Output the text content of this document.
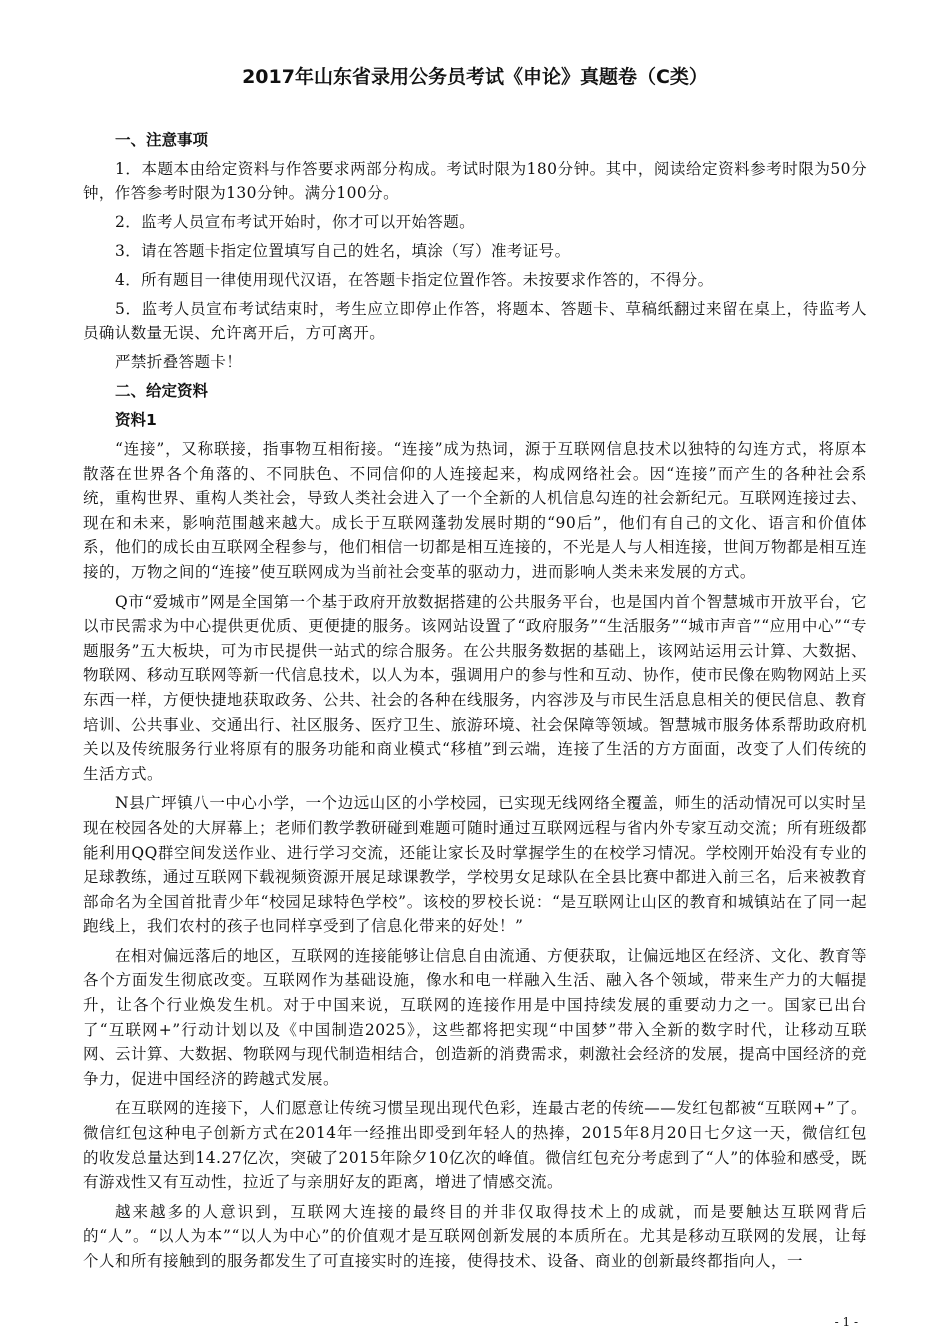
2017年山东省录用公务员考试《申论》真题卷（C类）
一、注意事项

1．本题本由给定资料与作答要求两部分构成。考试时限为180分钟。其中，阅读给定资料参考时限为50分钟，作答参考时限为130分钟。满分100分。

2．监考人员宣布考试开始时，你才可以开始答题。

3．请在答题卡指定位置填写自己的姓名，填涂（写）准考证号。

4．所有题目一律使用现代汉语，在答题卡指定位置作答。未按要求作答的，不得分。

5．监考人员宣布考试结束时，考生应立即停止作答，将题本、答题卡、草稿纸翻过来留在桌上，待监考人员确认数量无误、允许离开后，方可离开。

严禁折叠答题卡！

二、给定资料
资料1

“连接”，又称联接，指事物互相衔接。“连接”成为热词，源于互联网信息技术以独特的勾连方式，将原本散落在世界各个角落的、不同肤色、不同信仰的人连接起来，构成网络社会。因“连接”而产生的各种社会系统，重构世界、重构人类社会，导致人类社会进入了一个全新的人机信息勾连的社会新纪元。互联网连接过去、现在和未来，影响范围越来越大。成长于互联网蓬勃发展时期的“90后”，他们有自己的文化、语言和价值体系，他们的成长由互联网全程参与，他们相信一切都是相互连接的，不光是人与人相连接，世间万物都是相互连接的，万物之间的“连接”使互联网成为当前社会变革的驱动力，进而影响人类未来发展的方式。

Q市“爱城市”网是全国第一个基于政府开放数据搭建的公共服务平台，也是国内首个智慧城市开放平台，它以市民需求为中心提供更优质、更便捷的服务。该网站设置了“政府服务”“生活服务”“城市声音”“应用中心”“专题服务”五大板块，可为市民提供一站式的综合服务。在公共服务数据的基础上，该网站运用云计算、大数据、物联网、移动互联网等新一代信息技术，以人为本，强调用户的参与性和互动、协作，使市民像在购物网站上买东西一样，方便快捷地获取政务、公共、社会的各种在线服务，内容涉及与市民生活息息相关的便民信息、教育培训、公共事业、交通出行、社区服务、医疗卫生、旅游环境、社会保障等领域。智慧城市服务体系帮助政府机关以及传统服务行业将原有的服务功能和商业模式“移植”到云端，连接了生活的方方面面，改变了人们传统的生活方式。

N县广坪镇八一中心小学，一个边远山区的小学校园，已实现无线网络全覆盖，师生的活动情况可以实时呈现在校园各处的大屏幕上；老师们教学教研碰到难题可随时通过互联网远程与省内外专家互动交流；所有班级都能利用QQ群空间发送作业、进行学习交流，还能让家长及时掌握学生的在校学习情况。学校刚开始没有专业的足球教练，通过互联网下载视频资源开展足球课教学，学校男女足球队在全县比赛中都进入前三名，后来被教育部命名为全国首批青少年“校园足球特色学校”。该校的罗校长说：“是互联网让山区的教育和城镇站在了同一起跑线上，我们农村的孩子也同样享受到了信息化带来的好处！”

在相对偏远落后的地区，互联网的连接能够让信息自由流通、方便获取，让偏远地区在经济、文化、教育等各个方面发生彻底改变。互联网作为基础设施，像水和电一样融入生活、融入各个领域，带来生产力的大幅提升，让各个行业焕发生机。对于中国来说，互联网的连接作用是中国持续发展的重要动力之一。国家已出台了“互联网+”行动计划以及《中国制造2025》，这些都将把实现“中国梦”带入全新的数字时代，让移动互联网、云计算、大数据、物联网与现代制造相结合，创造新的消费需求，刺激社会经济的发展，提高中国经济的竞争力，促进中国经济的跨越式发展。

在互联网的连接下，人们愿意让传统习惯呈现出现代色彩，连最古老的传统——发红包都被“互联网+”了。微信红包这种电子创新方式在2014年一经推出即受到年轻人的热捧，2015年8月20日七夕这一天，微信红包的收发总量达到14.27亿次，突破了2015年除夕10亿次的峰值。微信红包充分考虑到了“人”的体验和感受，既有游戏性又有互动性，拉近了与亲朋好友的距离，增进了情感交流。

越来越多的人意识到，互联网大连接的最终目的并非仅取得技术上的成就，而是要触达互联网背后的“人”。“以人为本”“以人为中心”的价值观才是互联网创新发展的本质所在。尤其是移动互联网的发展，让每个人和所有接触到的服务都发生了可直接实时的连接，使得技术、设备、商业的创新最终都指向人，一

- 1 -
